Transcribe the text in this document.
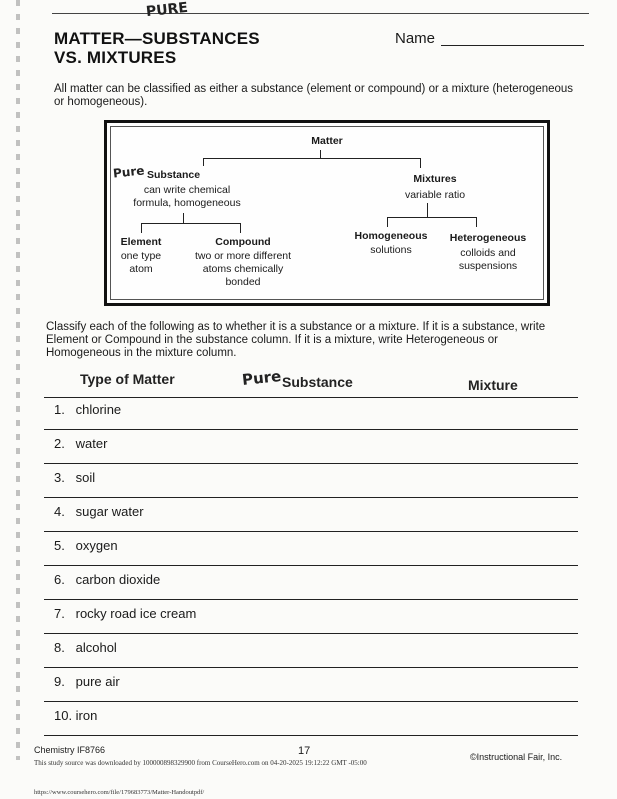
PURE
MATTER—SUBSTANCES
VS. MIXTURES
Name
All matter can be classified as either a substance (element or compound) or a mixture (heterogeneous or homogeneous).
Matter
Pure Substance
can write chemical
formula, homogeneous
Mixtures
variable ratio
Element
one type
atom
Compound
two or more different
atoms chemically
bonded
Homogeneous
solutions
Heterogeneous
colloids and
suspensions
Classify each of the following as to whether it is a substance or a mixture. If it is a substance, write Element or Compound in the substance column. If it is a mixture, write Heterogeneous or Homogeneous in the mixture column.
Type of Matter	Pure Substance	Mixture
1. chlorine
2. water
3. soil
4. sugar water
5. oxygen
6. carbon dioxide
7. rocky road ice cream
8. alcohol
9. pure air
10. iron
Chemistry IF8766	17	©Instructional Fair, Inc.
This study source was downloaded by 100000898329900 from CourseHero.com on 04-20-2025 19:12:22 GMT -05:00
https://www.coursehero.com/file/179683773/Matter-Handoutpdf/
